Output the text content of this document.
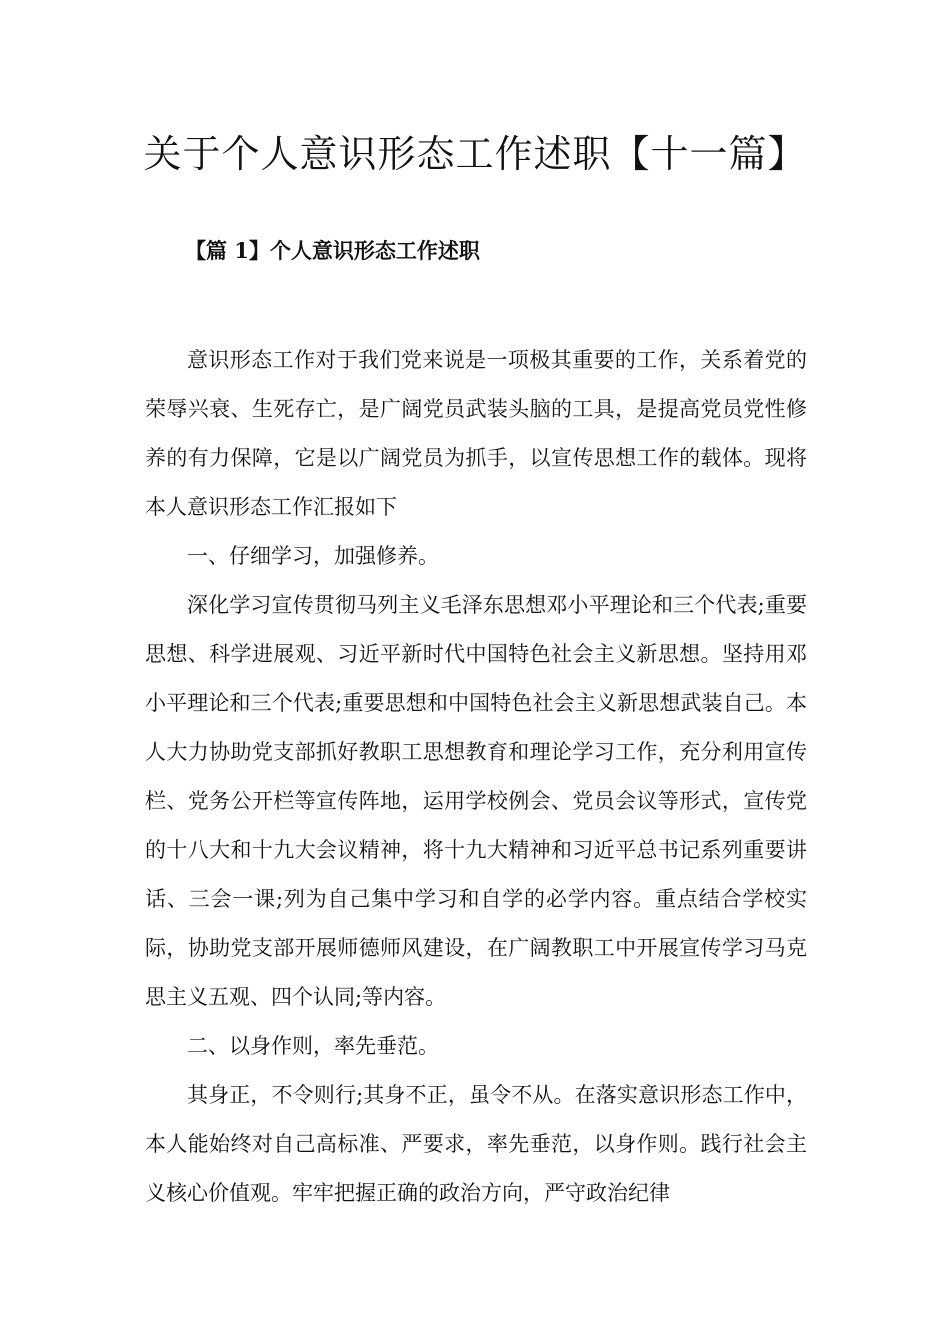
关于个人意识形态工作述职【十一篇】
【篇 1】个人意识形态工作述职

意识形态工作对于我们党来说是一项极其重要的工作，关系着党的荣辱兴衰、生死存亡，是广阔党员武装头脑的工具，是提高党员党性修养的有力保障，它是以广阔党员为抓手，以宣传思想工作的载体。现将本人意识形态工作汇报如下

一、仔细学习，加强修养。

深化学习宣传贯彻马列主义毛泽东思想邓小平理论和三个代表;重要思想、科学进展观、习近平新时代中国特色社会主义新思想。坚持用邓小平理论和三个代表;重要思想和中国特色社会主义新思想武装自己。本人大力协助党支部抓好教职工思想教育和理论学习工作，充分利用宣传栏、党务公开栏等宣传阵地，运用学校例会、党员会议等形式，宣传党的十八大和十九大会议精神，将十九大精神和习近平总书记系列重要讲话、三会一课;列为自己集中学习和自学的必学内容。重点结合学校实际，协助党支部开展师德师风建设，在广阔教职工中开展宣传学习马克思主义五观、四个认同;等内容。

二、以身作则，率先垂范。

其身正，不令则行;其身不正，虽令不从。在落实意识形态工作中，本人能始终对自己高标准、严要求，率先垂范，以身作则。践行社会主义核心价值观。牢牢把握正确的政治方向，严守政治纪律
